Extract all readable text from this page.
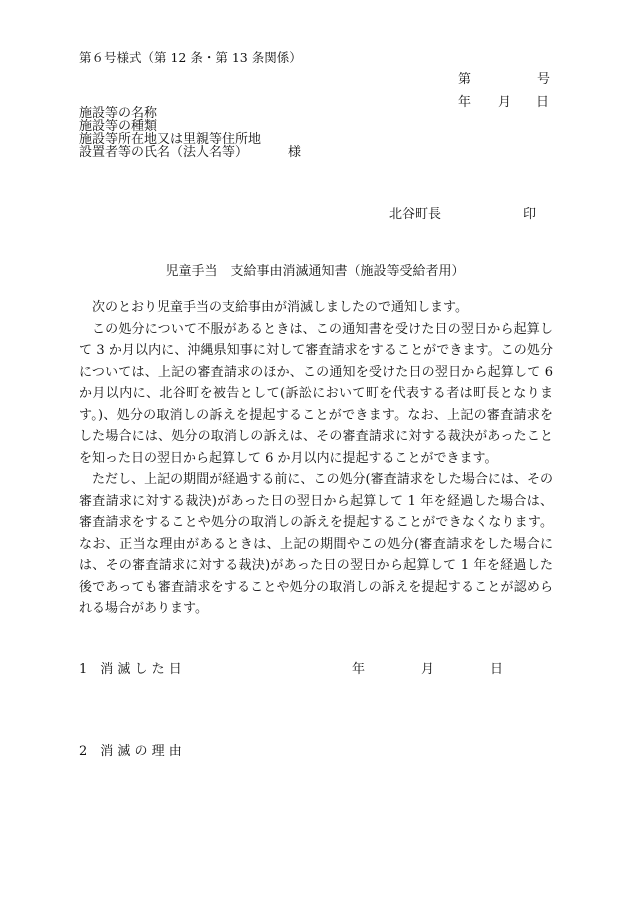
第６号様式（第 12 条・第 13 条関係）
第	号
年 月 日
施設等の名称
施設等の種類
施設等所在地又は里親等住所地
設置者等の氏名（法人名等）	様
北谷町長	印
児童手当　支給事由消滅通知書（施設等受給者用）

次のとおり児童手当の支給事由が消滅しましたので通知します。

この処分について不服があるときは、この通知書を受けた日の翌日から起算して 3 か月以内に、沖縄県知事に対して審査請求をすることができます。この処分については、上記の審査請求のほか、この通知を受けた日の翌日から起算して 6 か月以内に、北谷町を被告として(訴訟において町を代表する者は町長となります。)、処分の取消しの訴えを提起することができます。なお、上記の審査請求をした場合には、処分の取消しの訴えは、その審査請求に対する裁決があったことを知った日の翌日から起算して 6 か月以内に提起することができます。

ただし、上記の期間が経過する前に、この処分(審査請求をした場合には、その審査請求に対する裁決)があった日の翌日から起算して 1 年を経過した場合は、審査請求をすることや処分の取消しの訴えを提起することができなくなります。なお、正当な理由があるときは、上記の期間やこの処分(審査請求をした場合には、その審査請求に対する裁決)があった日の翌日から起算して 1 年を経過した後であっても審査請求をすることや処分の取消しの訴えを提起することが認められる場合があります。

1　消 滅 し た 日	年	月	日
2　消 滅 の 理 由
